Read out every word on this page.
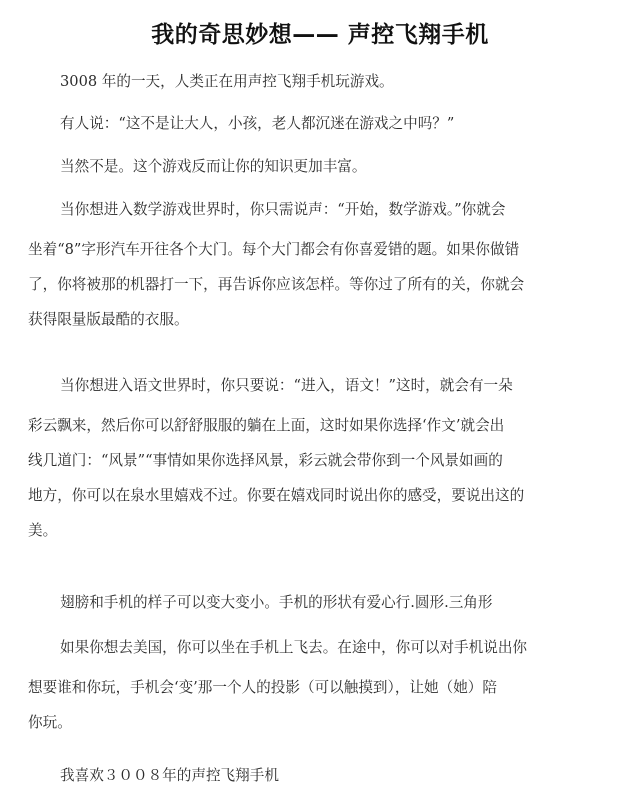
我的奇思妙想—— 声控飞翔手机
3008 年的一天，人类正在用声控飞翔手机玩游戏。
有人说：“这不是让大人，小孩，老人都沉迷在游戏之中吗？”
当然不是。这个游戏反而让你的知识更加丰富。
当你想进入数学游戏世界时，你只需说声：“开始，数学游戏。”你就会
坐着“8”字形汽车开往各个大门。每个大门都会有你喜爱错的题。如果你做错
了，你将被那的机器打一下，再告诉你应该怎样。等你过了所有的关，你就会
获得限量版最酷的衣服。
当你想进入语文世界时，你只要说：“进入，语文！”这时，就会有一朵
彩云飘来，然后你可以舒舒服服的躺在上面，这时如果你选择‘作文’就会出
线几道门：“风景”“事情如果你选择风景，彩云就会带你到一个风景如画的
地方，你可以在泉水里嬉戏不过。你要在嬉戏同时说出你的感受，要说出这的
美。
翅膀和手机的样子可以变大变小。手机的形状有爱心行.圆形.三角形
如果你想去美国，你可以坐在手机上飞去。在途中，你可以对手机说出你
想要谁和你玩，手机会‘变’那一个人的投影（可以触摸到），让她（她）陪
你玩。
我喜欢３００８年的声控飞翔手机
